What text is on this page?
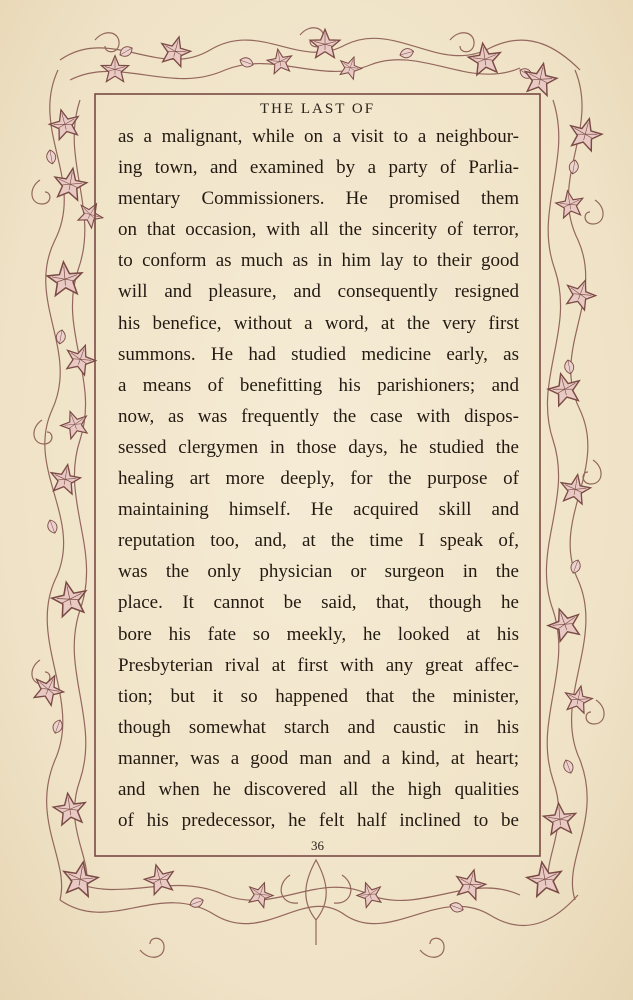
THE LAST OF
as a malignant, while on a visit to a neighbour-
ing town, and examined by a party of Parlia-
mentary Commissioners. He promised them
on that occasion, with all the sincerity of terror,
to conform as much as in him lay to their good
will and pleasure, and consequently resigned
his benefice, without a word, at the very first
summons. He had studied medicine early, as
a means of benefitting his parishioners; and
now, as was frequently the case with dispos-
sessed clergymen in those days, he studied the
healing art more deeply, for the purpose of
maintaining himself. He acquired skill and
reputation too, and, at the time I speak of,
was the only physician or surgeon in the
place. It cannot be said, that, though he
bore his fate so meekly, he looked at his
Presbyterian rival at first with any great affec-
tion; but it so happened that the minister,
though somewhat starch and caustic in his
manner, was a good man and a kind, at heart;
and when he discovered all the high qualities
of his predecessor, he felt half inclined to be
36
